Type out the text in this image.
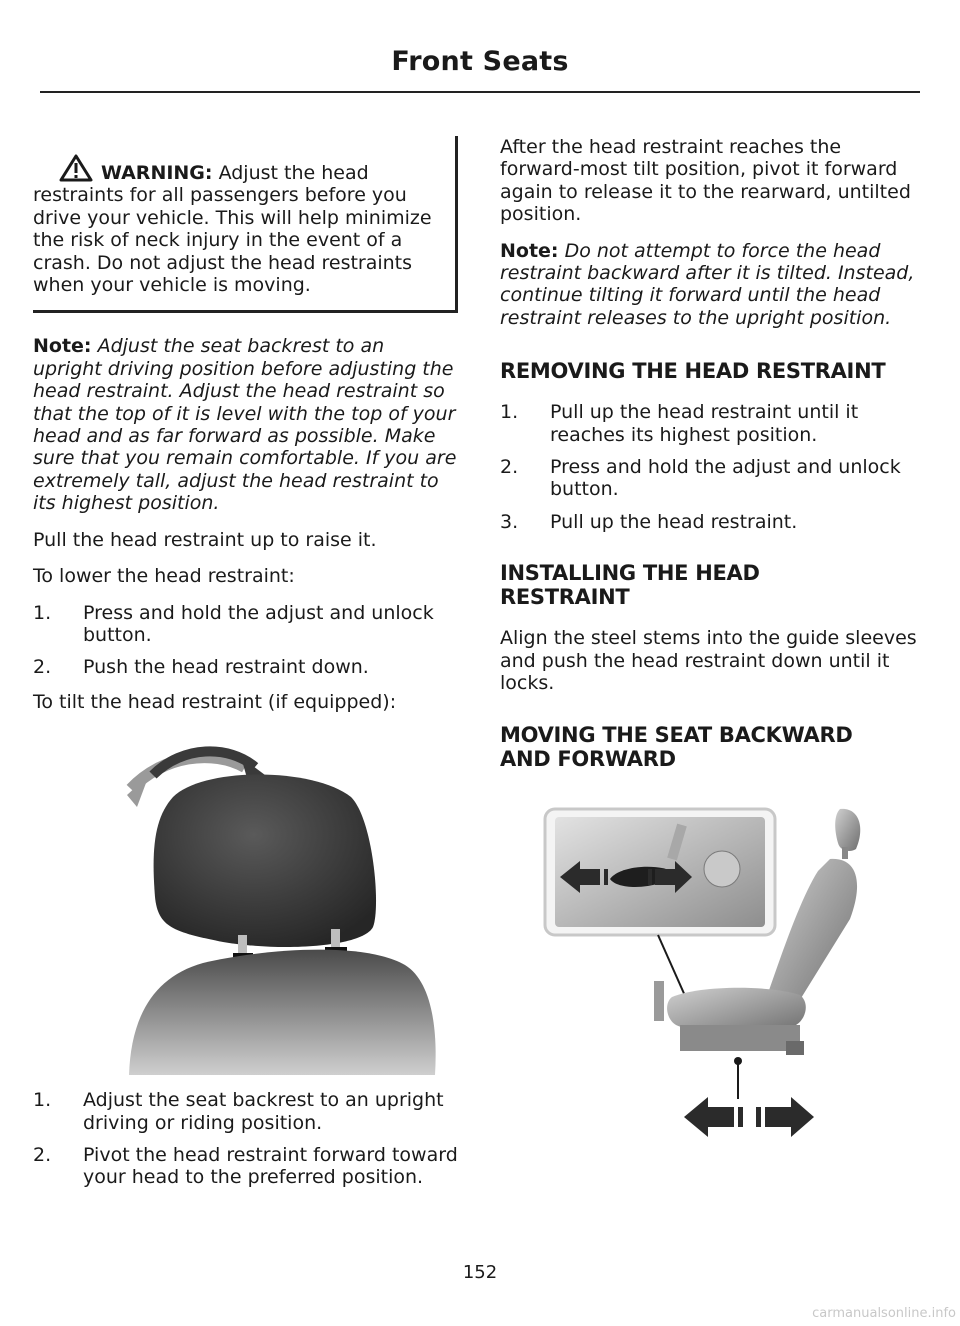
Front Seats

WARNING: Adjust the head restraints for all passengers before you drive your vehicle. This will help minimize the risk of neck injury in the event of a crash. Do not adjust the head restraints when your vehicle is moving.

Note: Adjust the seat backrest to an upright driving position before adjusting the head restraint. Adjust the head restraint so that the top of it is level with the top of your head and as far forward as possible. Make sure that you remain comfortable. If you are extremely tall, adjust the head restraint to its highest position.

Pull the head restraint up to raise it.

To lower the head restraint:

1.	Press and hold the adjust and unlock button.
2.	Push the head restraint down.

To tilt the head restraint (if equipped):

1.	Adjust the seat backrest to an upright driving or riding position.
2.	Pivot the head restraint forward toward your head to the preferred position.

After the head restraint reaches the forward-most tilt position, pivot it forward again to release it to the rearward, untilted position.

Note: Do not attempt to force the head restraint backward after it is tilted. Instead, continue tilting it forward until the head restraint releases to the upright position.

REMOVING THE HEAD RESTRAINT
1.	Pull up the head restraint until it reaches its highest position.
2.	Press and hold the adjust and unlock button.
3.	Pull up the head restraint.
INSTALLING THE HEAD RESTRAINT

Align the steel stems into the guide sleeves and push the head restraint down until it locks.

MOVING THE SEAT BACKWARD AND FORWARD
152
carmanualsonline.info
